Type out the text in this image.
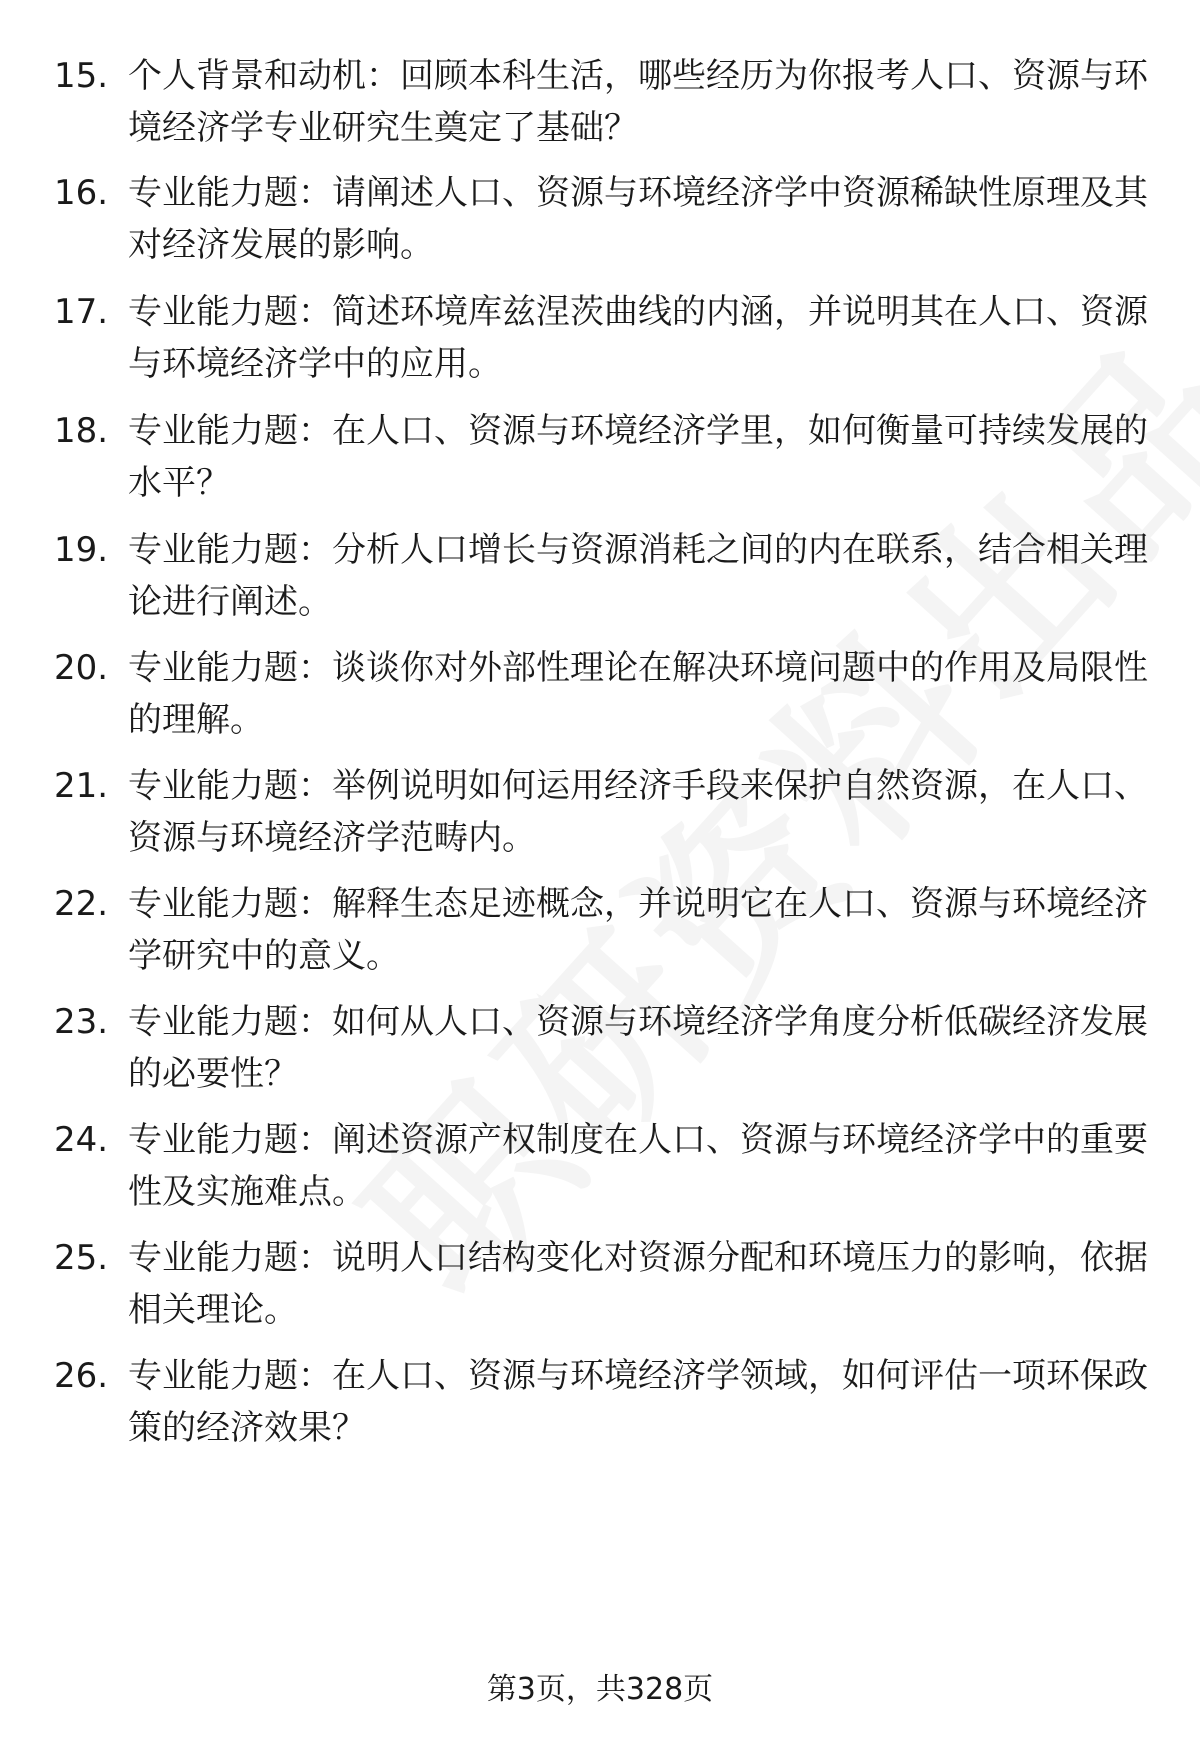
15. 个人背景和动机：回顾本科生活，哪些经历为你报考人口、资源与环境经济学专业研究生奠定了基础？
16. 专业能力题：请阐述人口、资源与环境经济学中资源稀缺性原理及其对经济发展的影响。
17. 专业能力题：简述环境库兹涅茨曲线的内涵，并说明其在人口、资源与环境经济学中的应用。
18. 专业能力题：在人口、资源与环境经济学里，如何衡量可持续发展的水平？
19. 专业能力题：分析人口增长与资源消耗之间的内在联系，结合相关理论进行阐述。
20. 专业能力题：谈谈你对外部性理论在解决环境问题中的作用及局限性的理解。
21. 专业能力题：举例说明如何运用经济手段来保护自然资源，在人口、资源与环境经济学范畴内。
22. 专业能力题：解释生态足迹概念，并说明它在人口、资源与环境经济学研究中的意义。
23. 专业能力题：如何从人口、资源与环境经济学角度分析低碳经济发展的必要性？
24. 专业能力题：阐述资源产权制度在人口、资源与环境经济学中的重要性及实施难点。
25. 专业能力题：说明人口结构变化对资源分配和环境压力的影响，依据相关理论。
26. 专业能力题：在人口、资源与环境经济学领域，如何评估一项环保政策的经济效果？
第3页，共328页
